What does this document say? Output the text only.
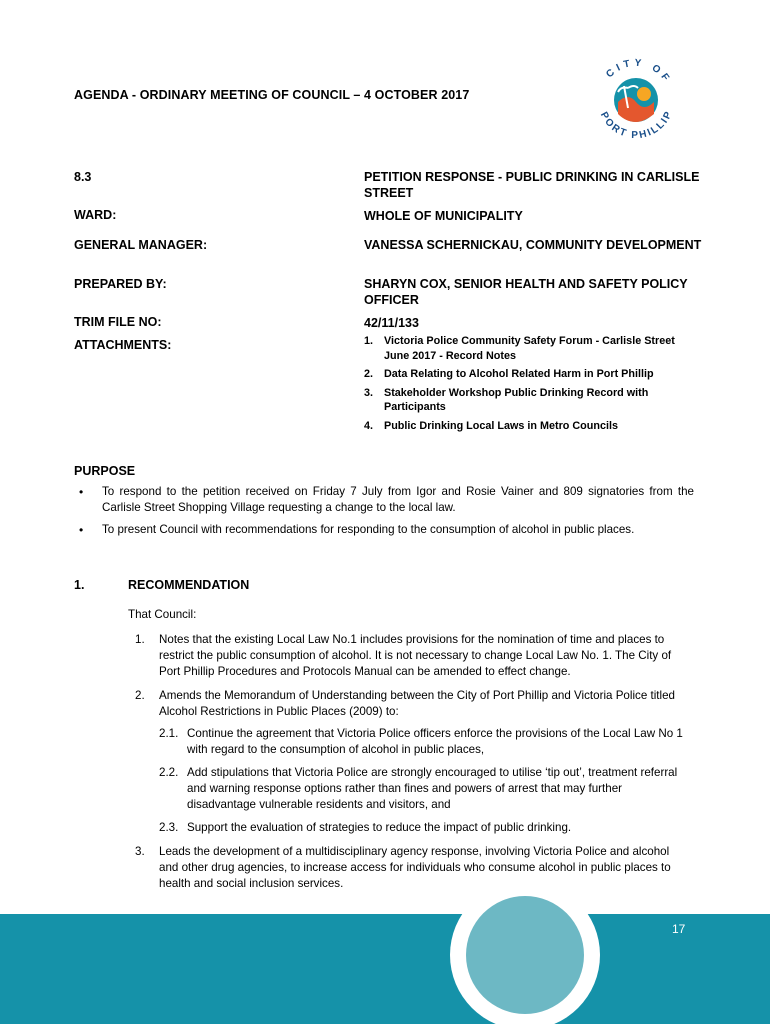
AGENDA - ORDINARY MEETING OF COUNCIL – 4 OCTOBER 2017
CITY OF
PORT PHILLIP
8.3	PETITION RESPONSE - PUBLIC DRINKING IN CARLISLE STREET
WARD:	WHOLE OF MUNICIPALITY
GENERAL MANAGER:	VANESSA SCHERNICKAU, COMMUNITY DEVELOPMENT
PREPARED BY:	SHARYN COX, SENIOR HEALTH AND SAFETY POLICY OFFICER
TRIM FILE NO:	42/11/133
ATTACHMENTS:	1. Victoria Police Community Safety Forum - Carlisle Street June 2017 - Record Notes
2. Data Relating to Alcohol Related Harm in Port Phillip
3. Stakeholder Workshop Public Drinking Record with Participants
4. Public Drinking Local Laws in Metro Councils
PURPOSE
• To respond to the petition received on Friday 7 July from Igor and Rosie Vainer and 809 signatories from the Carlisle Street Shopping Village requesting a change to the local law.
• To present Council with recommendations for responding to the consumption of alcohol in public places.
1.	RECOMMENDATION
That Council:
1. Notes that the existing Local Law No.1 includes provisions for the nomination of time and places to restrict the public consumption of alcohol. It is not necessary to change Local Law No. 1. The City of Port Phillip Procedures and Protocols Manual can be amended to effect change.
2. Amends the Memorandum of Understanding between the City of Port Phillip and Victoria Police titled Alcohol Restrictions in Public Places (2009) to:
2.1. Continue the agreement that Victoria Police officers enforce the provisions of the Local Law No 1 with regard to the consumption of alcohol in public places,
2.2. Add stipulations that Victoria Police are strongly encouraged to utilise ‘tip out’, treatment referral and warning response options rather than fines and powers of arrest that may further disadvantage vulnerable residents and visitors, and
2.3. Support the evaluation of strategies to reduce the impact of public drinking.
3. Leads the development of a multidisciplinary agency response, involving Victoria Police and alcohol and other drug agencies, to increase access for individuals who consume alcohol in public places to health and social inclusion services.
17
